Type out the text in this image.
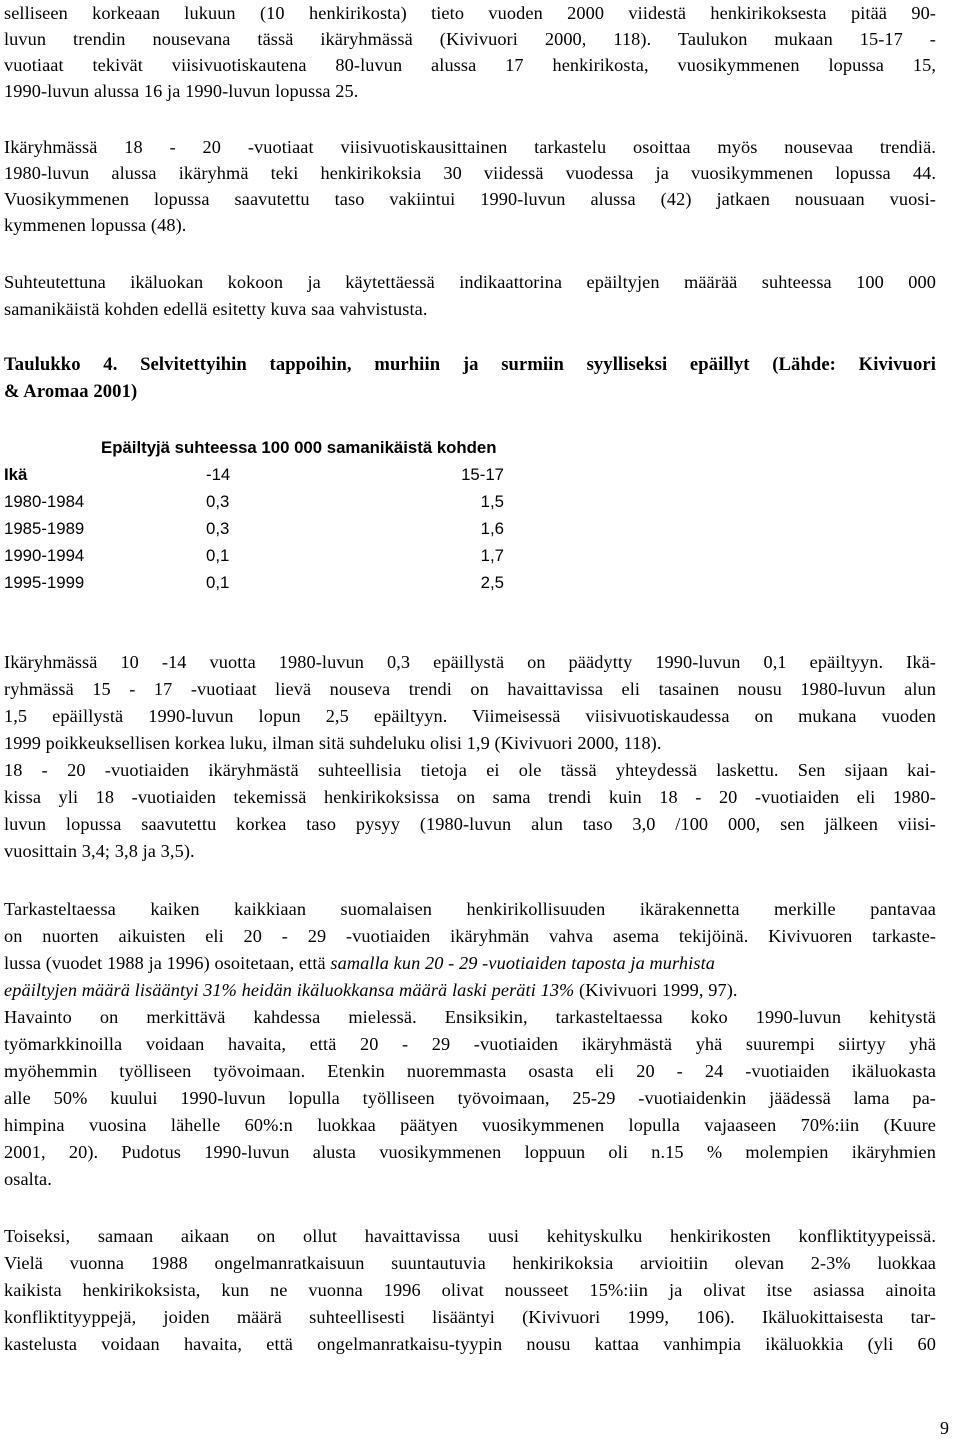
selliseen korkeaan lukuun (10 henkirikosta) tieto vuoden 2000 viidestä henkirikoksesta pitää 90-

luvun trendin nousevana tässä ikäryhmässä (Kivivuori 2000, 118). Taulukon mukaan 15-17 -

vuotiaat tekivät viisivuotiskautena 80-luvun alussa 17 henkirikosta, vuosikymmenen lopussa 15,

1990-luvun alussa 16 ja 1990-luvun lopussa 25.

Ikäryhmässä 18 - 20 -vuotiaat viisivuotiskausittainen tarkastelu osoittaa myös nousevaa trendiä.

1980-luvun alussa ikäryhmä teki henkirikoksia 30 viidessä vuodessa ja vuosikymmenen lopussa 44.

Vuosikymmenen lopussa saavutettu taso vakiintui 1990-luvun alussa (42) jatkaen nousuaan vuosi-

kymmenen lopussa (48).

Suhteutettuna ikäluokan kokoon ja käytettäessä indikaattorina epäiltyjen määrää suhteessa 100 000

samanikäistä kohden edellä esitetty kuva saa vahvistusta.

Taulukko 4. Selvitettyihin tappoihin, murhiin ja surmiin syylliseksi epäillyt (Lähde: Kivivuori

& Aromaa 2001)

Epäiltyjä suhteessa 100 000 samanikäistä kohden

Ikä	-14	15-17

1980-1984	0,3	1,5

1985-1989	0,3	1,6

1990-1994	0,1	1,7

1995-1999	0,1	2,5

Ikäryhmässä 10 -14 vuotta 1980-luvun 0,3 epäillystä on päädytty 1990-luvun 0,1 epäiltyyn. Ikä-

ryhmässä 15 - 17 -vuotiaat lievä nouseva trendi on havaittavissa eli tasainen nousu 1980-luvun alun

1,5 epäillystä 1990-luvun lopun 2,5 epäiltyyn. Viimeisessä viisivuotiskaudessa on mukana vuoden

1999 poikkeuksellisen korkea luku, ilman sitä suhdeluku olisi 1,9 (Kivivuori 2000, 118).

18 - 20 -vuotiaiden ikäryhmästä suhteellisia tietoja ei ole tässä yhteydessä laskettu. Sen sijaan kai-

kissa yli 18 -vuotiaiden tekemissä henkirikoksissa on sama trendi kuin 18 - 20 -vuotiaiden eli 1980-

luvun lopussa saavutettu korkea taso pysyy (1980-luvun alun taso 3,0 /100 000, sen jälkeen viisi-

vuosittain 3,4; 3,8 ja 3,5).

Tarkasteltaessa kaiken kaikkiaan suomalaisen henkirikollisuuden ikärakennetta merkille pantavaa

on nuorten aikuisten eli 20 - 29 -vuotiaiden ikäryhmän vahva asema tekijöinä. Kivivuoren tarkaste-

lussa (vuodet 1988 ja 1996) osoitetaan, että samalla kun 20 - 29 -vuotiaiden taposta ja murhista

epäiltyjen määrä lisääntyi 31% heidän ikäluokkansa määrä laski peräti 13% (Kivivuori 1999, 97).

Havainto on merkittävä kahdessa mielessä. Ensiksikin, tarkasteltaessa koko 1990-luvun kehitystä

työmarkkinoilla voidaan havaita, että 20 - 29 -vuotiaiden ikäryhmästä yhä suurempi siirtyy yhä

myöhemmin työlliseen työvoimaan. Etenkin nuoremmasta osasta eli 20 - 24 -vuotiaiden ikäluokasta

alle 50% kuului 1990-luvun lopulla työlliseen työvoimaan, 25-29 -vuotiaidenkin jäädessä lama pa-

himpina vuosina lähelle 60%:n luokkaa päätyen vuosikymmenen lopulla vajaaseen 70%:iin (Kuure

2001, 20). Pudotus 1990-luvun alusta vuosikymmenen loppuun oli n.15 % molempien ikäryhmien

osalta.

Toiseksi, samaan aikaan on ollut havaittavissa uusi kehityskulku henkirikosten konfliktityypeissä.

Vielä vuonna 1988 ongelmanratkaisuun suuntautuvia henkirikoksia arvioitiin olevan 2-3% luokkaa

kaikista henkirikoksista, kun ne vuonna 1996 olivat nousseet 15%:iin ja olivat itse asiassa ainoita

konfliktityyppejä, joiden määrä suhteellisesti lisääntyi (Kivivuori 1999, 106). Ikäluokittaisesta tar-

kastelusta voidaan havaita, että ongelmanratkaisu-tyypin nousu kattaa vanhimpia ikäluokkia (yli 60

9
